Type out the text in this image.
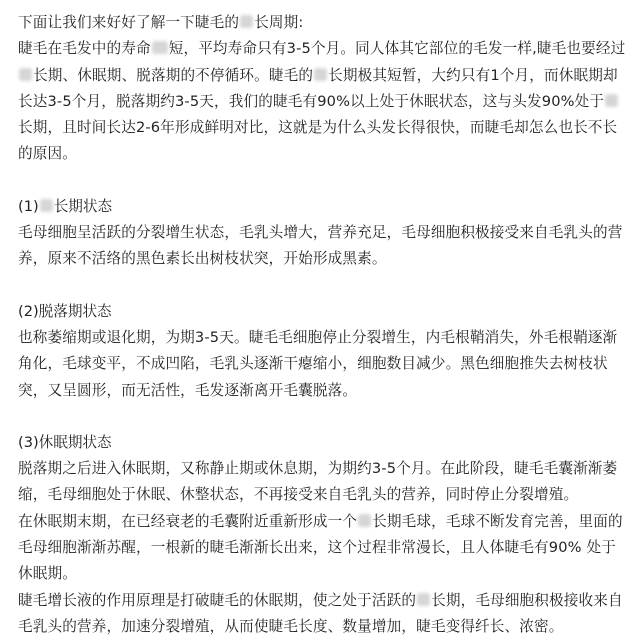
下面让我们来好好了解一下睫毛的 长周期:

睫毛在毛发中的寿命 短，平均寿命只有3-5个月。同人体其它部位的毛发一样,睫毛也要经过长期、休眠期、脱落期的不停循环。睫毛的 长期极其短暂，大约只有1个月，而休眠期却长达3-5个月，脱落期约3-5天，我们的睫毛有90%以上处于休眠状态，这与头发90%处于长期，且时间长达2-6年形成鲜明对比，这就是为什么头发长得很快，而睫毛却怎么也长不长的原因。

(1) 长期状态

毛母细胞呈活跃的分裂增生状态，毛乳头增大，营养充足，毛母细胞积极接受来自毛乳头的营养，原来不活络的黑色素长出树枝状突，开始形成黑素。

(2)脱落期状态

也称萎缩期或退化期，为期3-5天。睫毛毛细胞停止分裂增生，内毛根鞘消失，外毛根鞘逐渐角化，毛球变平，不成凹陷，毛乳头逐渐干瘪缩小，细胞数目减少。黑色细胞推失去树枝状突，又呈圆形，而无活性，毛发逐渐离开毛囊脱落。

(3)休眠期状态

脱落期之后进入休眠期，又称静止期或休息期，为期约3-5个月。在此阶段，睫毛毛囊渐渐萎缩，毛母细胞处于休眠、休整状态，不再接受来自毛乳头的营养，同时停止分裂增殖。

在休眠期末期，在已经衰老的毛囊附近重新形成一个 长期毛球，毛球不断发育完善，里面的毛母细胞渐渐苏醒，一根新的睫毛渐渐长出来，这个过程非常漫长，且人体睫毛有90% 处于休眠期。

睫毛增长液的作用原理是打破睫毛的休眠期，使之处于活跃的 长期，毛母细胞积极接收来自毛乳头的营养，加速分裂增殖，从而使睫毛长度、数量增加，睫毛变得纤长、浓密。
